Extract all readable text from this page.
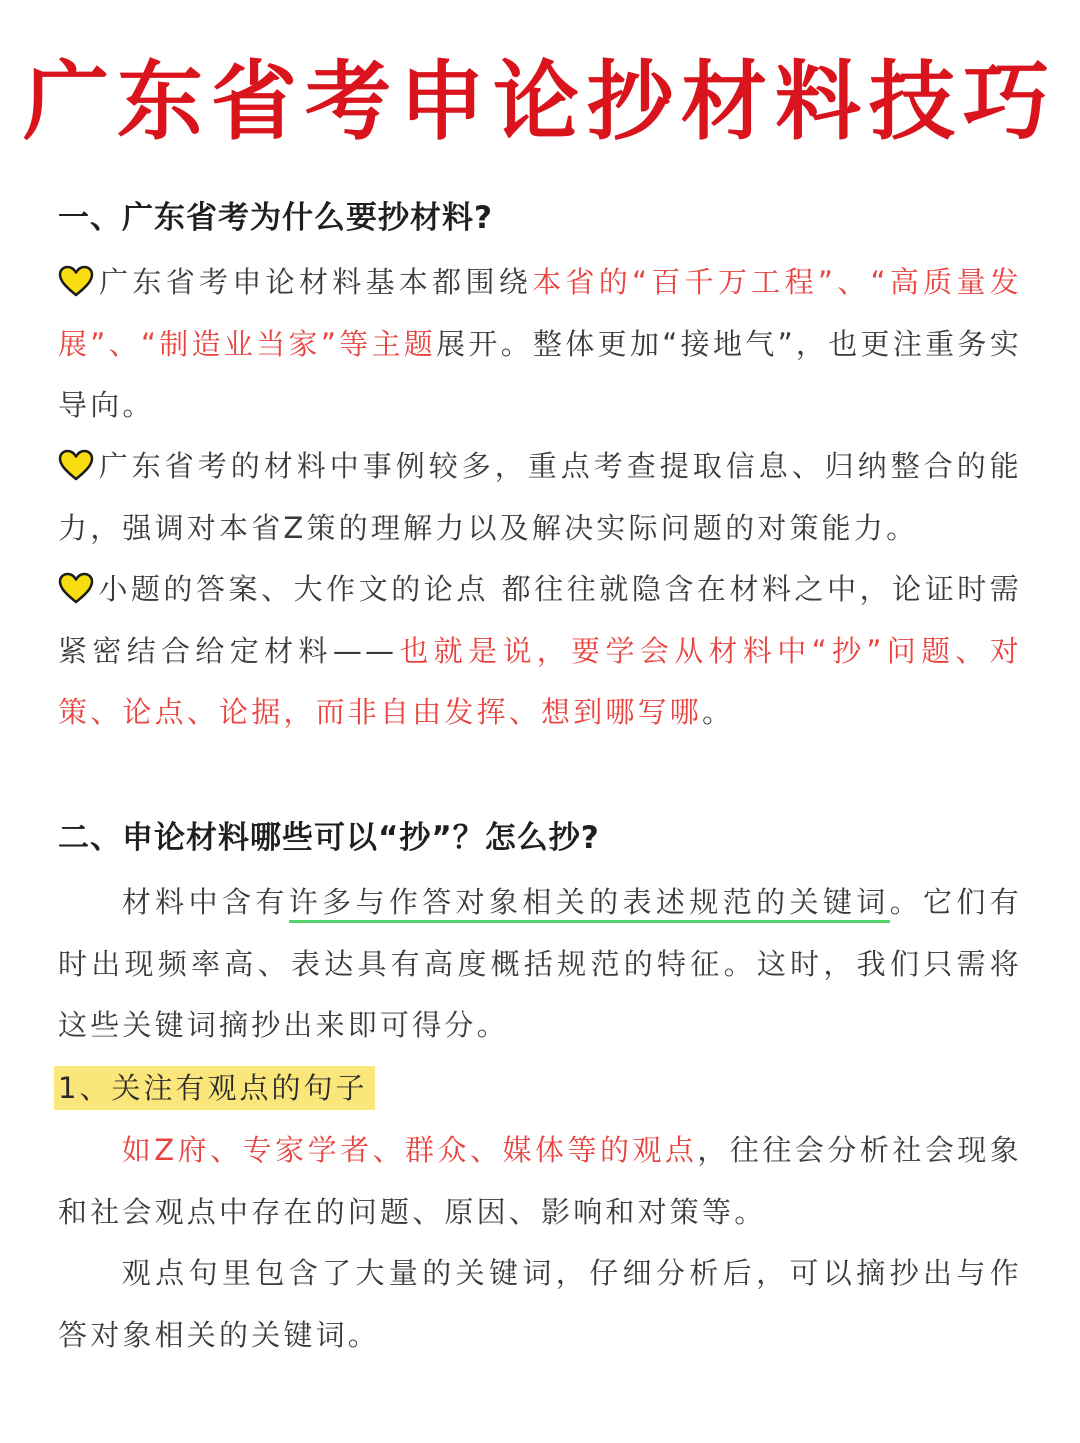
广东省考申论抄材料技巧
一、广东省考为什么要抄材料?

广东省考申论材料基本都围绕本省的“百千万工程”、“高质量发展”、“制造业当家”等主题展开。整体更加“接地气”，也更注重务实导向。

广东省考的材料中事例较多，重点考查提取信息、归纳整合的能力，强调对本省Z策的理解力以及解决实际问题的对策能力。

小题的答案、大作文的论点 都往往就隐含在材料之中，论证时需紧密结合给定材料——也就是说，要学会从材料中“抄”问题、对策、论点、论据，而非自由发挥、想到哪写哪。

二、申论材料哪些可以“抄”？怎么抄?

材料中含有许多与作答对象相关的表述规范的关键词。它们有时出现频率高、表达具有高度概括规范的特征。这时，我们只需将这些关键词摘抄出来即可得分。

1、关注有观点的句子

如Z府、专家学者、群众、媒体等的观点，往往会分析社会现象和社会观点中存在的问题、原因、影响和对策等。

观点句里包含了大量的关键词，仔细分析后，可以摘抄出与作答对象相关的关键词。
